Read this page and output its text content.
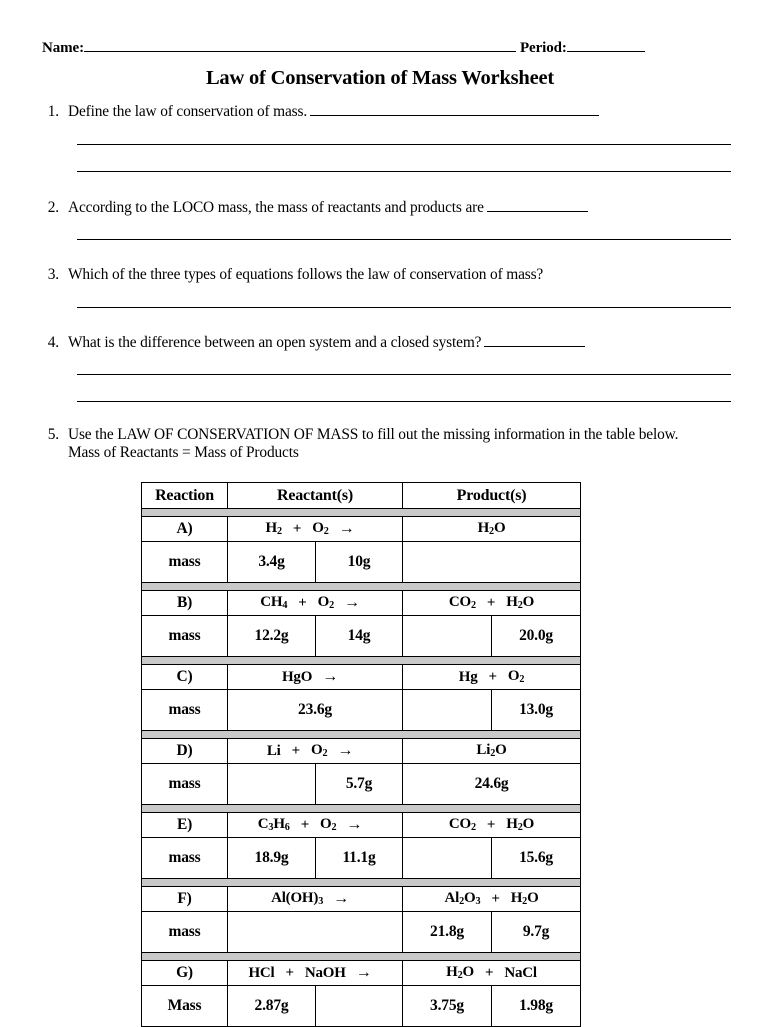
Name:	Period:
Law of Conservation of Mass Worksheet
1. Define the law of conservation of mass.
2. According to the LOCO mass, the mass of reactants and products are
3. Which of the three types of equations follows the law of conservation of mass?
4. What is the difference between an open system and a closed system?
5. Use the LAW OF CONSERVATION OF MASS to fill out the missing information in the table below. Mass of Reactants = Mass of Products
Reaction	Reactant(s)		Product(s)	

A)	$H_2 + O_2$ →		$H_2O$	

mass	3.4g	10g		

B)	$CH_4 + O_2$ →		$CO_2 + H_2O$	

mass	12.2g	14g		20.0g

C)	HgO →		$Hg + O_2$

mass	23.6g			13.0g

D)	$Li + O_2$ →		$Li_2O$	

mass		5.7g	24.6g	

E)	$C_3H_6 + O_2$ →		$CO_2 + H_2O$	

mass	18.9g	11.1g		15.6g

F)	$Al(OH)_3$ →		$Al_2O_3 + H_2O$	

mass			21.8g	9.7g

G)	HCl + NaOH →		$H_2O$ + NaCl	

Mass	2.87g		3.75g	1.98g
